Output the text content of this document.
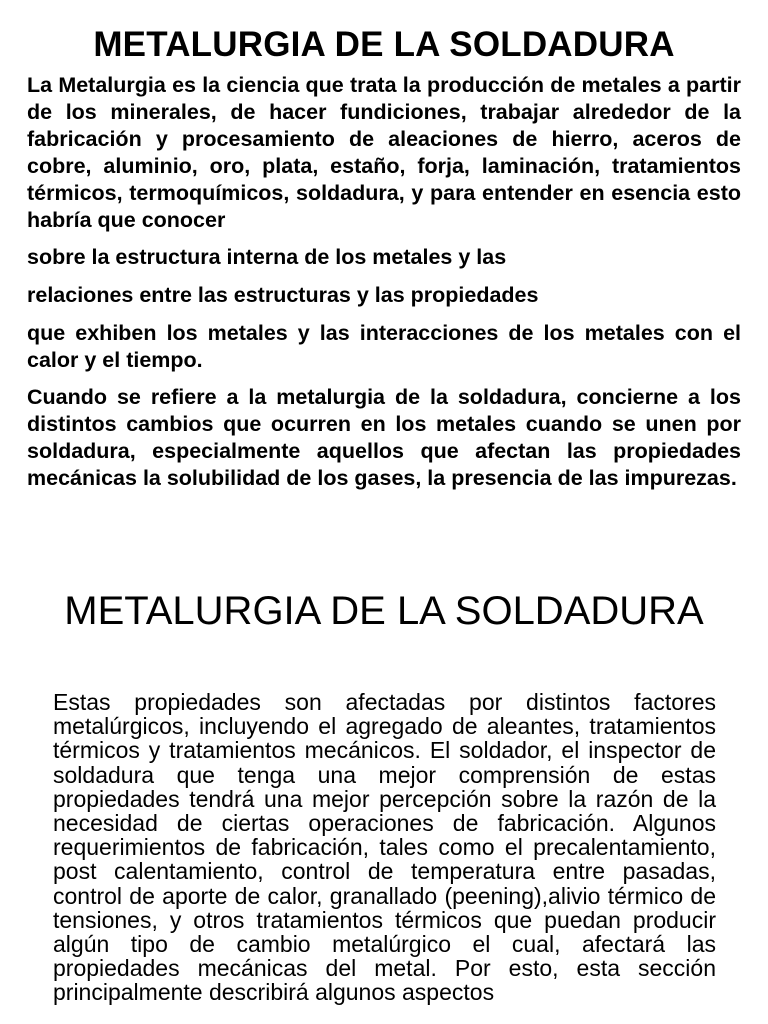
METALURGIA DE LA SOLDADURA

La Metalurgia es la ciencia que trata la producción de metales a partir de los minerales, de hacer fundiciones, trabajar alrededor de la fabricación y procesamiento de aleaciones de hierro, aceros de cobre, aluminio, oro, plata, estaño, forja, laminación, tratamientos térmicos, termoquímicos, soldadura, y para entender en esencia esto habría que conocer

sobre la estructura interna de los metales y las

relaciones entre las estructuras y las propiedades

que exhiben los metales y las interacciones de los metales con el calor y el tiempo.

Cuando se refiere a la metalurgia de la soldadura, concierne a los distintos cambios que ocurren en los metales cuando se unen por soldadura, especialmente aquellos que afectan las propiedades mecánicas la solubilidad de los gases, la presencia de las impurezas.

METALURGIA DE LA SOLDADURA

Estas propiedades son afectadas por distintos factores metalúrgicos, incluyendo el agregado de aleantes, tratamientos térmicos y tratamientos mecánicos. El soldador, el inspector de soldadura que tenga una mejor comprensión de estas propiedades tendrá una mejor percepción sobre la razón de la necesidad de ciertas operaciones de fabricación. Algunos requerimientos de fabricación, tales como el precalentamiento, post calentamiento, control de temperatura entre pasadas, control de aporte de calor, granallado (peening),alivio térmico de tensiones, y otros tratamientos térmicos que puedan producir algún tipo de cambio metalúrgico el cual, afectará las propiedades mecánicas del metal. Por esto, esta sección principalmente describirá algunos aspectos
